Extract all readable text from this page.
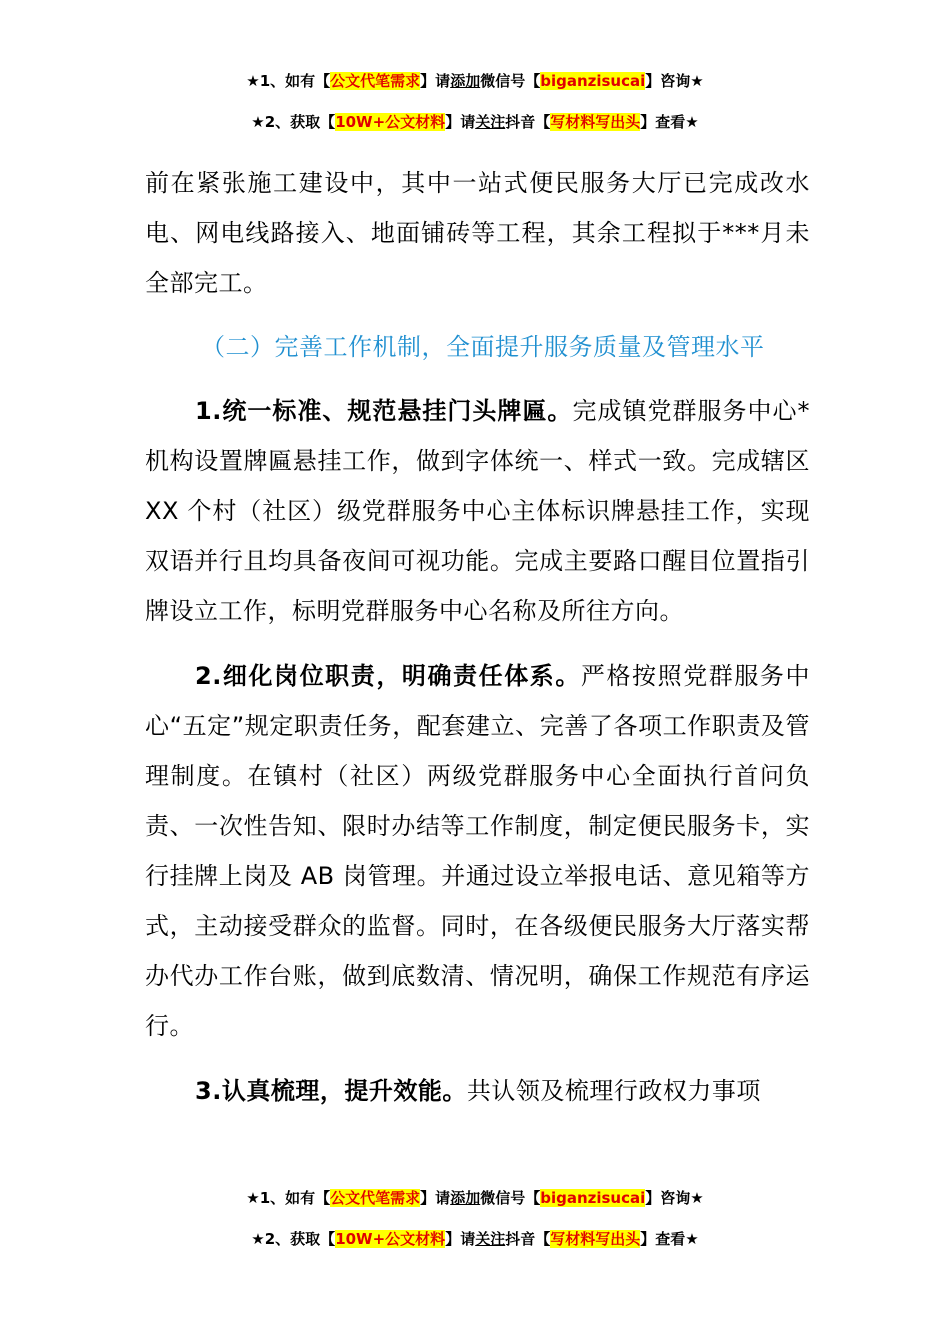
★1、如有【公文代笔需求】请添加微信号【biganzisucai】咨询★
★2、获取【10W+公文材料】请关注抖音【写材料写出头】查看★

前在紧张施工建设中，其中一站式便民服务大厅已完成改水电、网电线路接入、地面铺砖等工程，其余工程拟于***月未全部完工。

（二）完善工作机制，全面提升服务质量及管理水平

1.统一标准、规范悬挂门头牌匾。完成镇党群服务中心*机构设置牌匾悬挂工作，做到字体统一、样式一致。完成辖区 XX 个村（社区）级党群服务中心主体标识牌悬挂工作，实现双语并行且均具备夜间可视功能。完成主要路口醒目位置指引牌设立工作，标明党群服务中心名称及所往方向。

2.细化岗位职责，明确责任体系。严格按照党群服务中心“五定”规定职责任务，配套建立、完善了各项工作职责及管理制度。在镇村（社区）两级党群服务中心全面执行首问负责、一次性告知、限时办结等工作制度，制定便民服务卡，实行挂牌上岗及 AB 岗管理。并通过设立举报电话、意见箱等方式，主动接受群众的监督。同时，在各级便民服务大厅落实帮办代办工作台账，做到底数清、情况明，确保工作规范有序运行。

3.认真梳理，提升效能。共认领及梳理行政权力事项

★1、如有【公文代笔需求】请添加微信号【biganzisucai】咨询★
★2、获取【10W+公文材料】请关注抖音【写材料写出头】查看★
